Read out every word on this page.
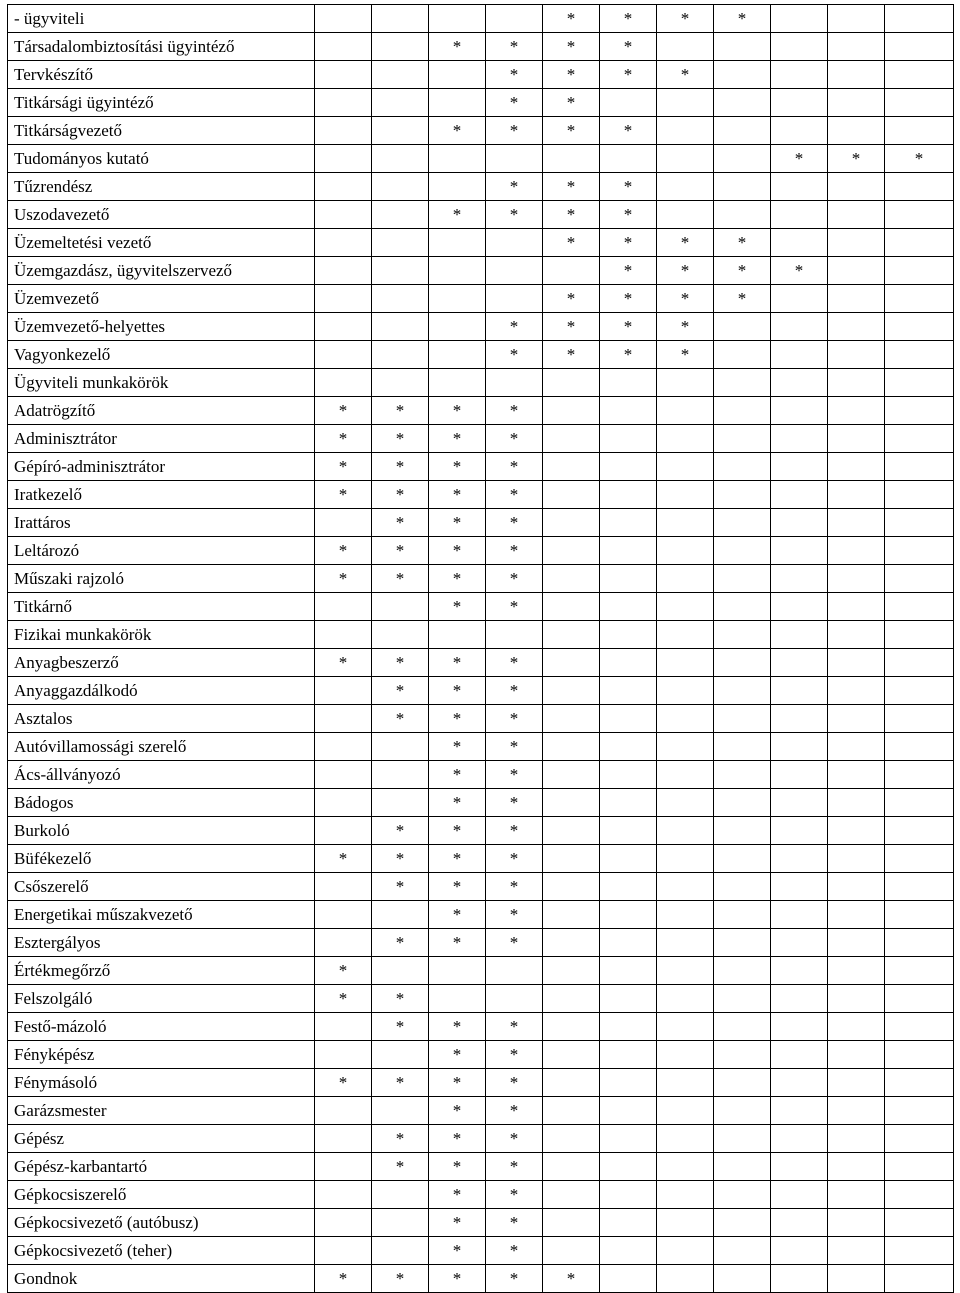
- ügyviteli					*	*	*	*			
Társadalombiztosítási ügyintéző			*	*	*	*					
Tervkészítő				*	*	*	*				
Titkársági ügyintéző				*	*						
Titkárságvezető			*	*	*	*					
Tudományos kutató									*	*	*
Tűzrendész				*	*	*					
Uszodavezető			*	*	*	*					
Üzemeltetési vezető					*	*	*	*			
Üzemgazdász, ügyvitelszervező						*	*	*	*		
Üzemvezető					*	*	*	*			
Üzemvezető-helyettes				*	*	*	*				
Vagyonkezelő				*	*	*	*				
Ügyviteli munkakörök											
Adatrögzítő	*	*	*	*							
Adminisztrátor	*	*	*	*							
Gépíró-adminisztrátor	*	*	*	*							
Iratkezelő	*	*	*	*							
Irattáros		*	*	*							
Leltározó	*	*	*	*							
Műszaki rajzoló	*	*	*	*							
Titkárnő			*	*							
Fizikai munkakörök											
Anyagbeszerző	*	*	*	*							
Anyaggazdálkodó		*	*	*							
Asztalos		*	*	*							
Autóvillamossági szerelő			*	*							
Ács-állványozó			*	*							
Bádogos			*	*							
Burkoló		*	*	*							
Büfékezelő	*	*	*	*							
Csőszerelő		*	*	*							
Energetikai műszakvezető			*	*							
Esztergályos		*	*	*							
Értékmegőrző	*										
Felszolgáló	*	*									
Festő-mázoló		*	*	*							
Fényképész			*	*							
Fénymásoló	*	*	*	*							
Garázsmester			*	*							
Gépész		*	*	*							
Gépész-karbantartó		*	*	*							
Gépkocsiszerelő			*	*							
Gépkocsivezető (autóbusz)			*	*							
Gépkocsivezető (teher)			*	*							
Gondnok	*	*	*	*	*						
